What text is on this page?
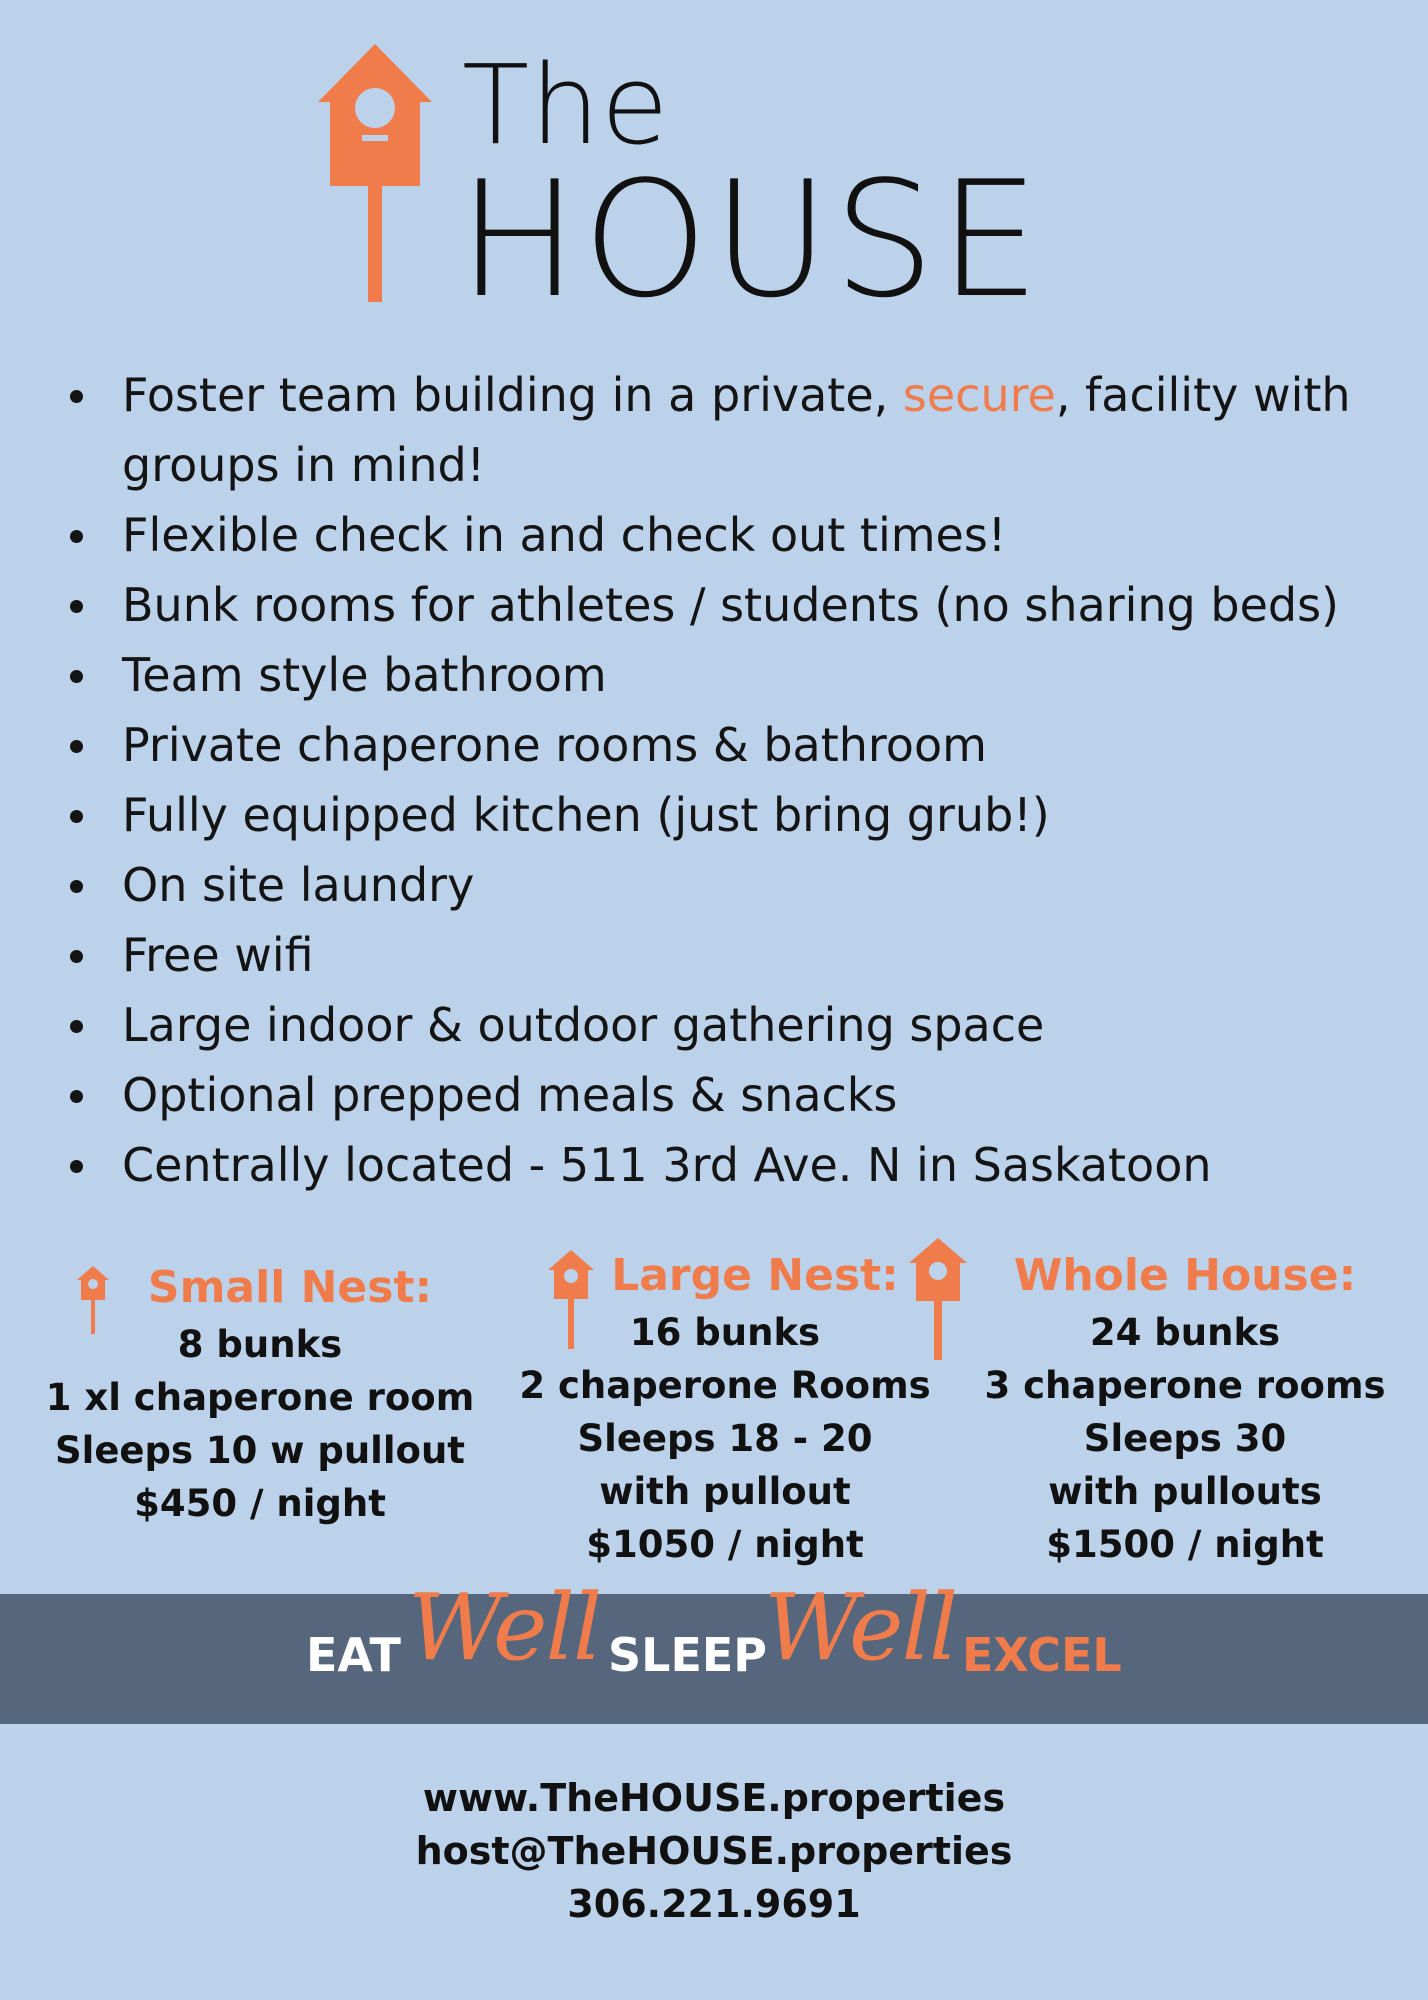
The
HOUSE
Foster team building in a private, secure, facility with groups in mind!
Flexible check in and check out times!
Bunk rooms for athletes / students (no sharing beds)
Team style bathroom
Private chaperone rooms & bathroom
Fully equipped kitchen (just bring grub!)
On site laundry
Free wifi
Large indoor & outdoor gathering space
Optional prepped meals & snacks
Centrally located - 511 3rd Ave. N in Saskatoon
Small Nest:
8 bunks
1 xl chaperone room
Sleeps 10 w pullout
$450 / night
Large Nest:
16 bunks
2 chaperone Rooms
Sleeps 18 - 20
with pullout
$1050 / night
Whole House:
24 bunks
3 chaperone rooms
Sleeps 30
with pullouts
$1500 / night
EAT Well SLEEP
Well EXCEL
www.TheHOUSE.properties
host@TheHOUSE.properties
306.221.9691
